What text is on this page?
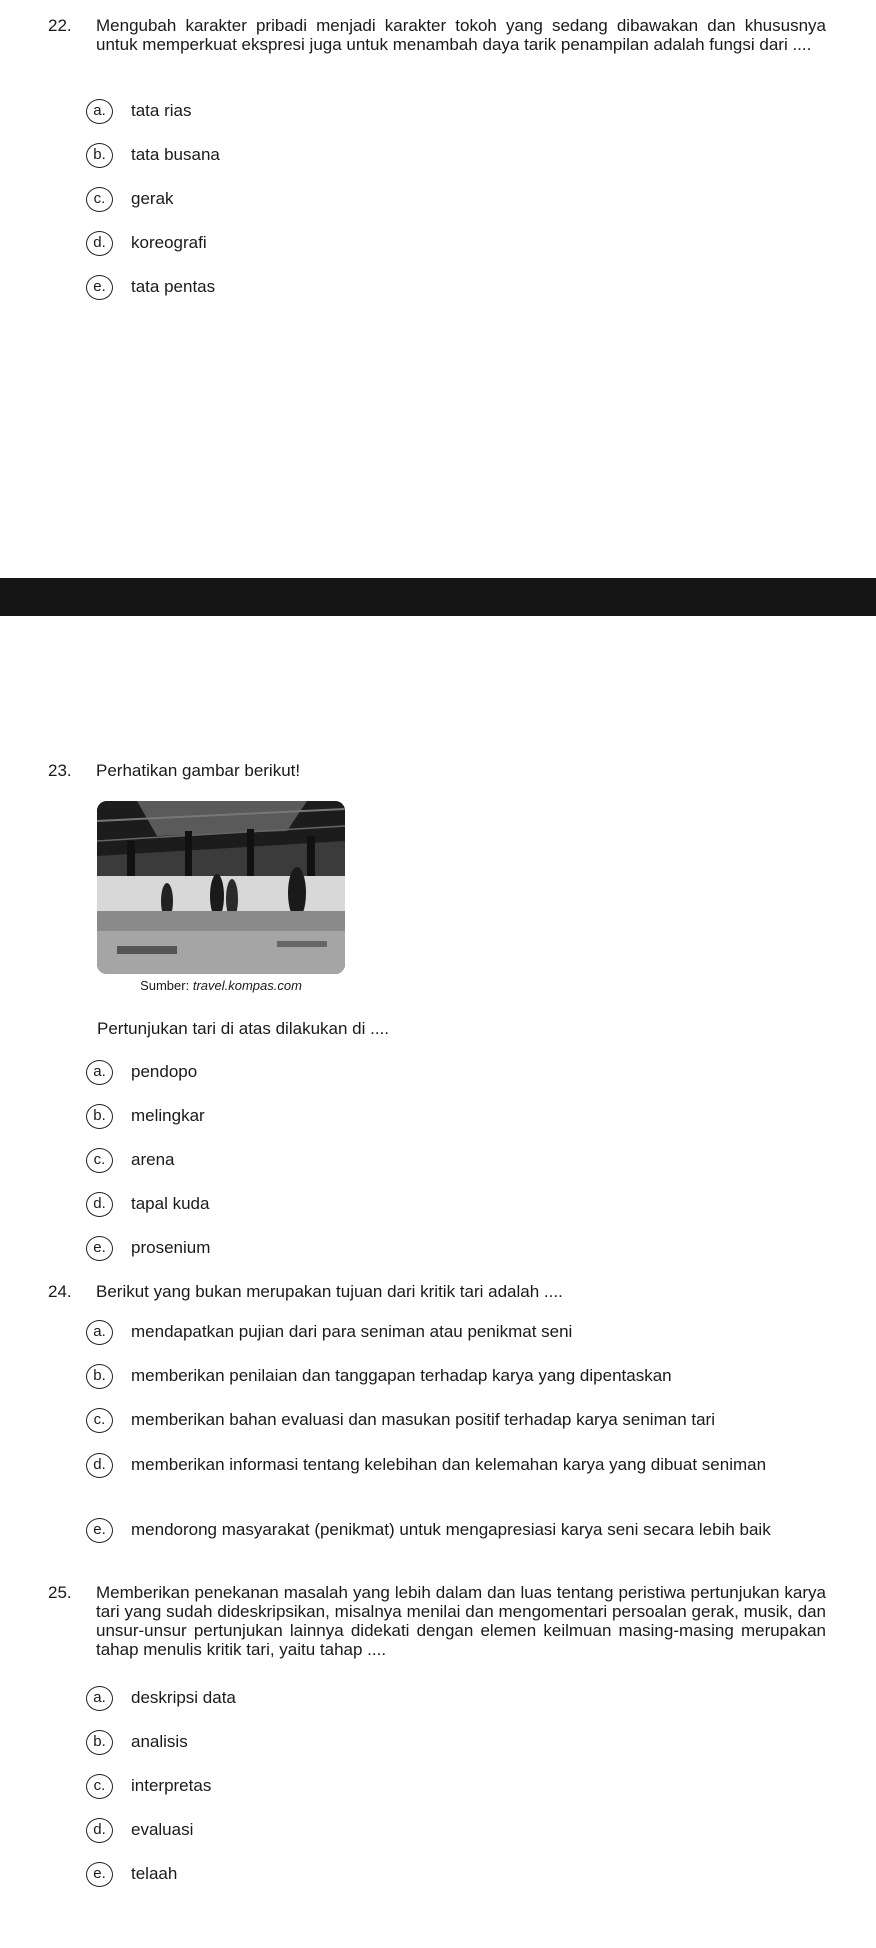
22.	Mengubah karakter pribadi menjadi karakter tokoh yang sedang dibawakan dan khususnya untuk memperkuat ekspresi juga untuk menambah daya tarik penampilan adalah fungsi dari ....
a.	tata rias
b.	tata busana
c.	gerak
d.	koreografi
e.	tata pentas
23.	Perhatikan gambar berikut!
Sumber: travel.kompas.com
Pertunjukan tari di atas dilakukan di ....
a.	pendopo
b.	melingkar
c.	arena
d.	tapal kuda
e.	prosenium
24.	Berikut yang bukan merupakan tujuan dari kritik tari adalah ....
a.	mendapatkan pujian dari para seniman atau penikmat seni
b.	memberikan penilaian dan tanggapan terhadap karya yang dipentaskan
c.	memberikan bahan evaluasi dan masukan positif terhadap karya seniman tari
d.	memberikan informasi tentang kelebihan dan kelemahan karya yang dibuat seniman
e.	mendorong masyarakat (penikmat) untuk mengapresiasi karya seni secara lebih baik
25.	Memberikan penekanan masalah yang lebih dalam dan luas tentang peristiwa pertunjukan karya tari yang sudah dideskripsikan, misalnya menilai dan mengomentari persoalan gerak, musik, dan unsur-unsur pertunjukan lainnya didekati dengan elemen keilmuan masing-masing merupakan tahap menulis kritik tari, yaitu tahap ....
a.	deskripsi data
b.	analisis
c.	interpretas
d.	evaluasi
e.	telaah
